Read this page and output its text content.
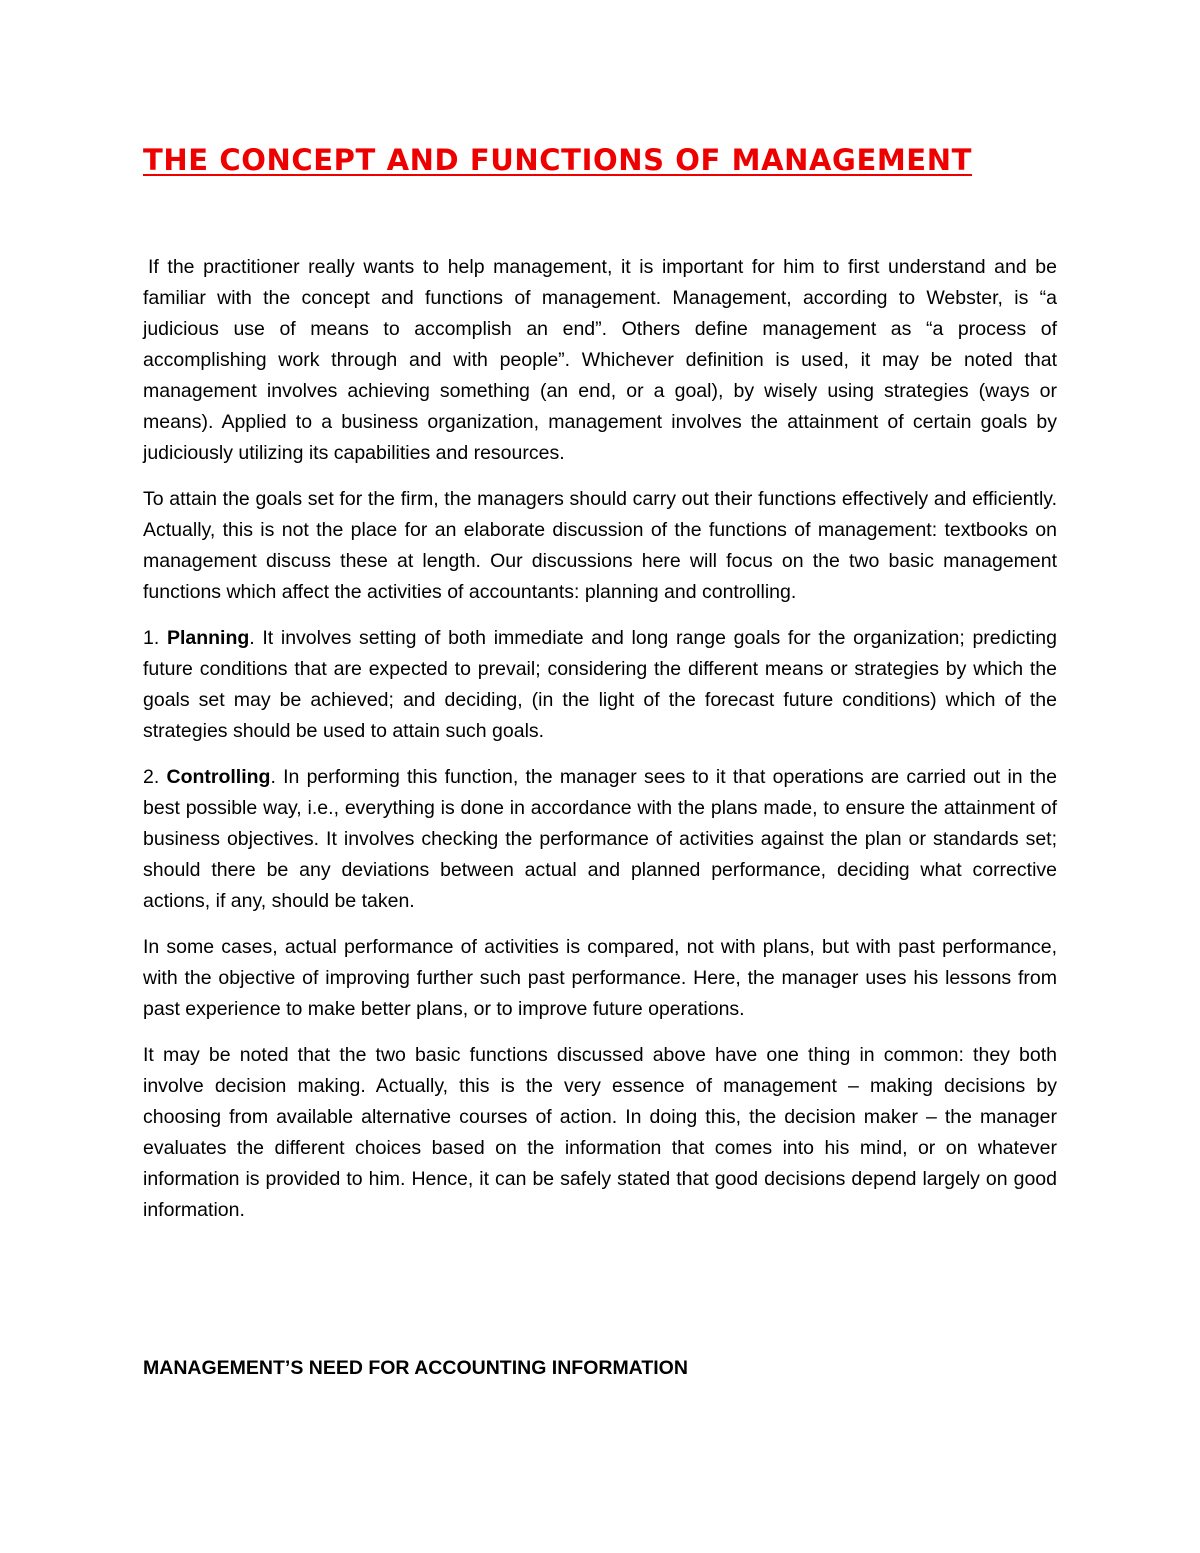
THE CONCEPT AND FUNCTIONS OF MANAGEMENT

If the practitioner really wants to help management, it is important for him to first understand and be familiar with the concept and functions of management. Management, according to Webster, is “a judicious use of means to accomplish an end”. Others define management as “a process of accomplishing work through and with people”. Whichever definition is used, it may be noted that management involves achieving something (an end, or a goal), by wisely using strategies (ways or means). Applied to a business organization, management involves the attainment of certain goals by judiciously utilizing its capabilities and resources.

To attain the goals set for the firm, the managers should carry out their functions effectively and efficiently. Actually, this is not the place for an elaborate discussion of the functions of management: textbooks on management discuss these at length. Our discussions here will focus on the two basic management functions which affect the activities of accountants: planning and controlling.

1. Planning. It involves setting of both immediate and long range goals for the organization; predicting future conditions that are expected to prevail; considering the different means or strategies by which the goals set may be achieved; and deciding, (in the light of the forecast future conditions) which of the strategies should be used to attain such goals.

2. Controlling. In performing this function, the manager sees to it that operations are carried out in the best possible way, i.e., everything is done in accordance with the plans made, to ensure the attainment of business objectives. It involves checking the performance of activities against the plan or standards set; should there be any deviations between actual and planned performance, deciding what corrective actions, if any, should be taken.

In some cases, actual performance of activities is compared, not with plans, but with past performance, with the objective of improving further such past performance. Here, the manager uses his lessons from past experience to make better plans, or to improve future operations.

It may be noted that the two basic functions discussed above have one thing in common: they both involve decision making. Actually, this is the very essence of management – making decisions by choosing from available alternative courses of action. In doing this, the decision maker – the manager evaluates the different choices based on the information that comes into his mind, or on whatever information is provided to him. Hence, it can be safely stated that good decisions depend largely on good information.

MANAGEMENT’S NEED FOR ACCOUNTING INFORMATION
